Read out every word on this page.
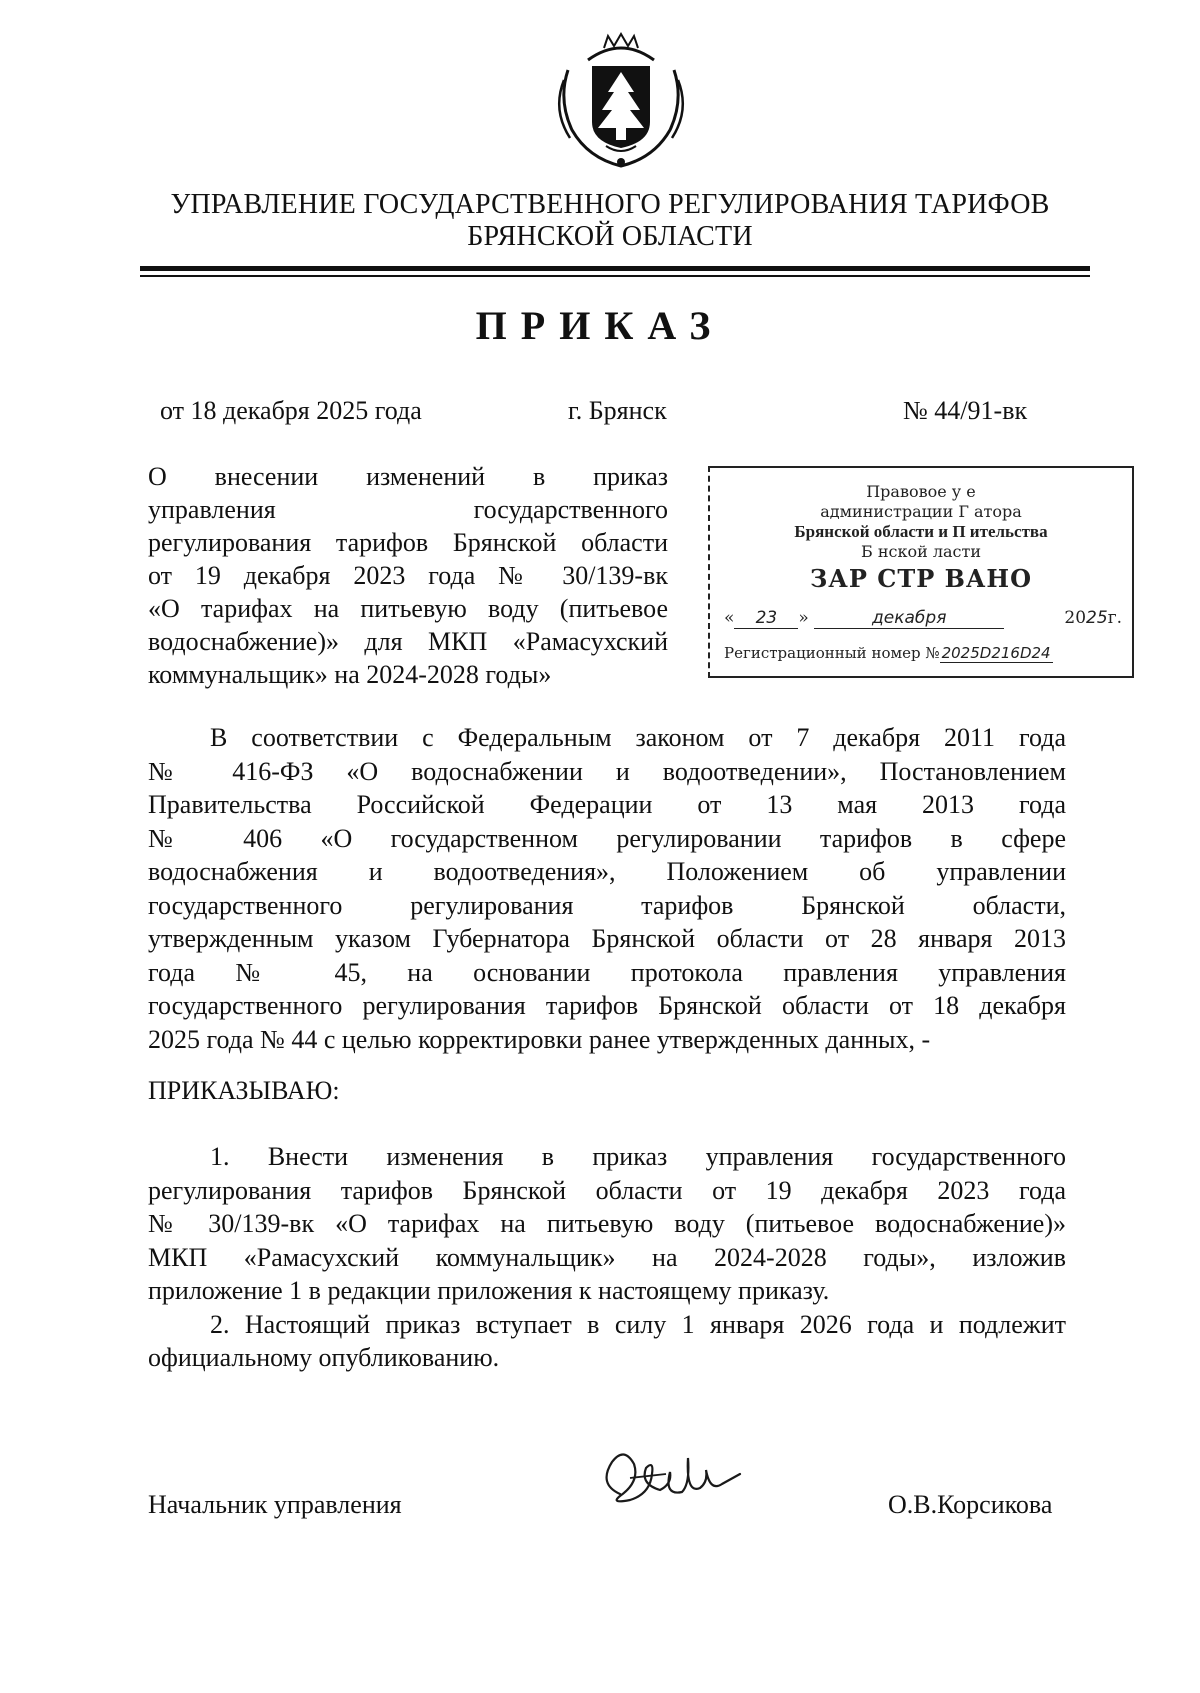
УПРАВЛЕНИЕ ГОСУДАРСТВЕННОГО РЕГУЛИРОВАНИЯ ТАРИФОВ
БРЯНСКОЙ ОБЛАСТИ
ПРИКАЗ
от 18 декабря 2025 года	г. Брянск	№ 44/91-вк
О внесении изменений в приказ
управления государственного
регулирования тарифов Брянской области
от 19 декабря 2023 года № 30/139-вк
«О тарифах на питьевую воду (питьевое
водоснабжение)» для МКП «Рамасухский
коммунальщик» на 2024-2028 годы»
Правовое у е
администрации Г атора
Брянской области и П ительства
Б нской ласти
ЗАР СТР ВАНО
« 23 »	декабря	2025г.
Регистрационный номер № 2025D216D24
В соответствии с Федеральным законом от 7 декабря 2011 года
№ 416-ФЗ «О водоснабжении и водоотведении», Постановлением
Правительства Российской Федерации от 13 мая 2013 года
№ 406 «О государственном регулировании тарифов в сфере
водоснабжения и водоотведения», Положением об управлении
государственного регулирования тарифов Брянской области,
утвержденным указом Губернатора Брянской области от 28 января 2013
года № 45, на основании протокола правления управления
государственного регулирования тарифов Брянской области от 18 декабря
2025 года № 44 с целью корректировки ранее утвержденных данных, -
ПРИКАЗЫВАЮ:
1. Внести изменения в приказ управления государственного
регулирования тарифов Брянской области от 19 декабря 2023 года
№ 30/139-вк «О тарифах на питьевую воду (питьевое водоснабжение)»
МКП «Рамасухский коммунальщик» на 2024-2028 годы», изложив
приложение 1 в редакции приложения к настоящему приказу.
2. Настоящий приказ вступает в силу 1 января 2026 года и подлежит
официальному опубликованию.
Начальник управления	О.В.Корсикова
